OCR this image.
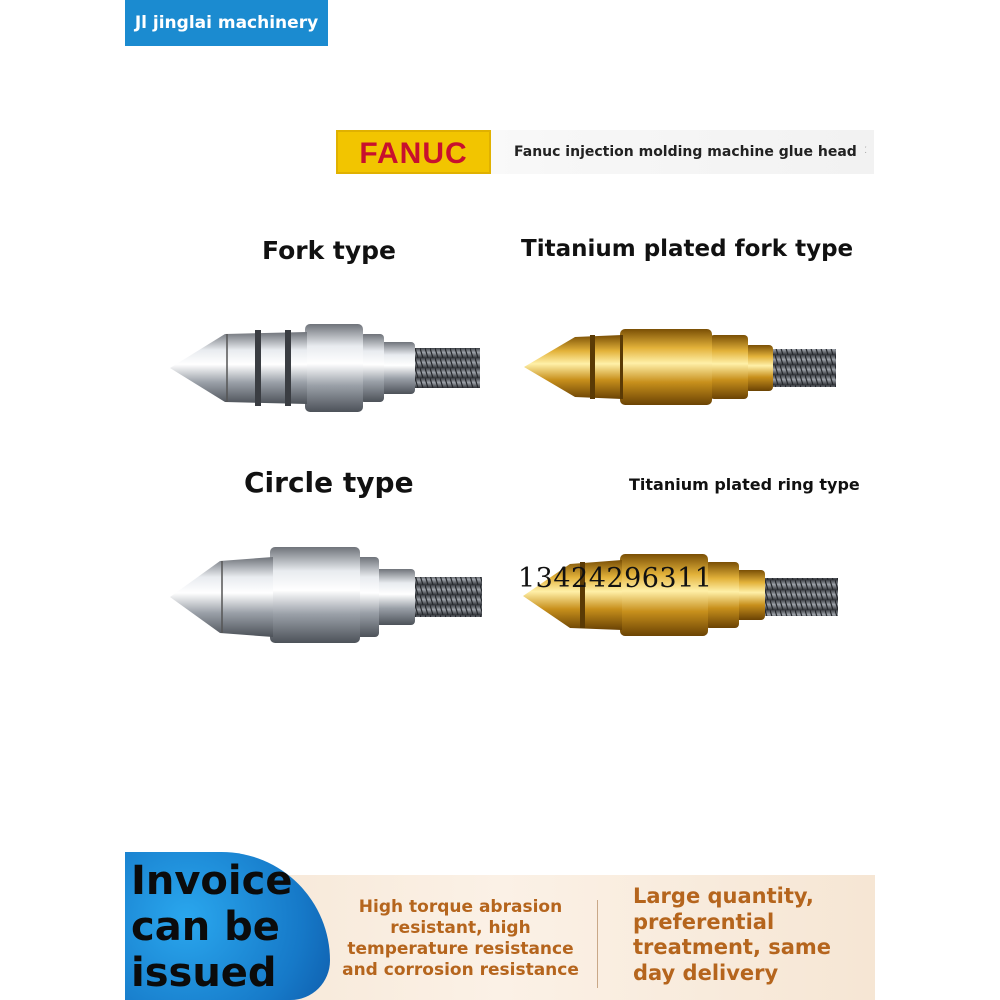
Jl jinglai machinery
FANUC	Fanuc injection molding machine glue head ː
Fork type	Titanium plated fork type
Circle type	Titanium plated ring type
13424296311
Invoice can be issued
High torque abrasion resistant, high temperature resistance and corrosion resistance
Large quantity, preferential treatment, same day delivery
